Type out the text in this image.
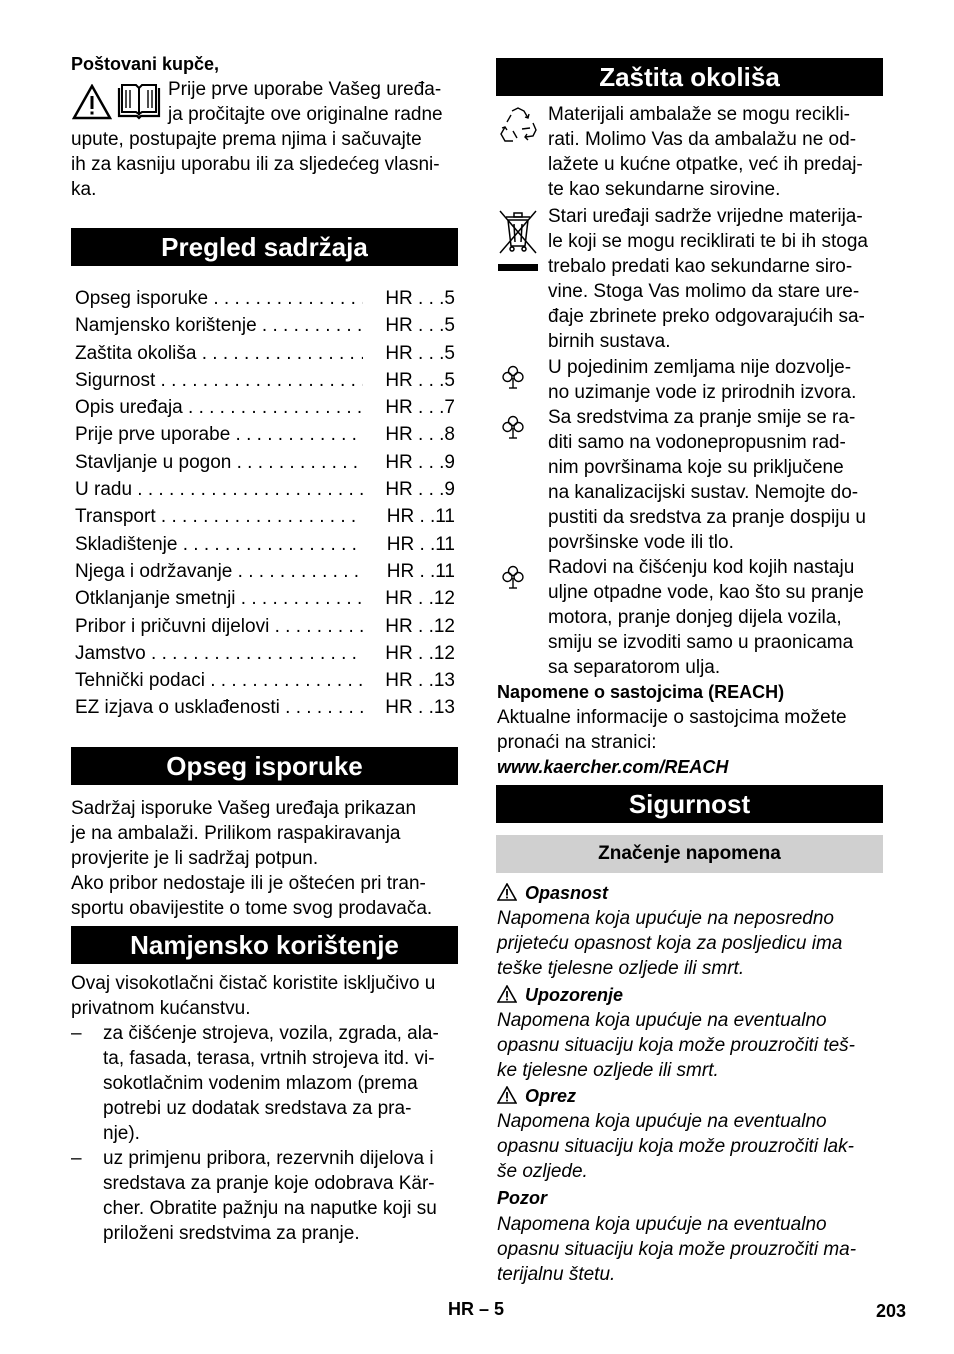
Poštovani kupče,
Prije prve uporabe Vašeg uređa-
ja pročitajte ove originalne radne
upute, postupajte prema njima i sačuvajte
ih za kasniju uporabu ili za sljedećeg vlasni-
ka.
Pregled sadržaja
Opseg isporuke . . .	HR . . .5
Namjensko korištenje . . .	HR . . .5
Zaštita okoliša . . .	HR . . .5
Sigurnost . . .	HR . . .5
Opis uređaja . . .	HR . . .7
Prije prve uporabe . . .	HR . . .8
Stavljanje u pogon . . .	HR . . .9
U radu . . .	HR . . .9
Transport . . .	HR . .11
Skladištenje . . .	HR . .11
Njega i održavanje . . .	HR . .11
Otklanjanje smetnji . . .	HR . .12
Pribor i pričuvni dijelovi . . .	HR . .12
Jamstvo . . .	HR . .12
Tehnički podaci . . .	HR . .13
EZ izjava o usklađenosti . . .	HR . .13
Opseg isporuke
Sadržaj isporuke Vašeg uređaja prikazan
je na ambalaži. Prilikom raspakiravanja
provjerite je li sadržaj potpun.
Ako pribor nedostaje ili je oštećen pri tran-
sportu obavijestite o tome svog prodavača.
Namjensko korištenje
Ovaj visokotlačni čistač koristite isključivo u
privatnom kućanstvu.
– za čišćenje strojeva, vozila, zgrada, ala-
ta, fasada, terasa, vrtnih strojeva itd. vi-
sokotlačnim vodenim mlazom (prema
potrebi uz dodatak sredstava za pra-
nje).
– uz primjenu pribora, rezervnih dijelova i
sredstava za pranje koje odobrava Kär-
cher. Obratite pažnju na naputke koji su
priloženi sredstvima za pranje.
Zaštita okoliša
Materijali ambalaže se mogu recikli-
rati. Molimo Vas da ambalažu ne od-
lažete u kućne otpatke, već ih predaj-
te kao sekundarne sirovine.
Stari uređaji sadrže vrijedne materija-
le koji se mogu reciklirati te bi ih stoga
trebalo predati kao sekundarne siro-
vine. Stoga Vas molimo da stare ure-
đaje zbrinete preko odgovarajućih sa-
birnih sustava.
U pojedinim zemljama nije dozvolje-
no uzimanje vode iz prirodnih izvora.
Sa sredstvima za pranje smije se ra-
diti samo na vodonepropusnim rad-
nim površinama koje su priključene
na kanalizacijski sustav. Nemojte do-
pustiti da sredstva za pranje dospiju u
površinske vode ili tlo.
Radovi na čišćenju kod kojih nastaju
uljne otpadne vode, kao što su pranje
motora, pranje donjeg dijela vozila,
smiju se izvoditi samo u praonicama
sa separatorom ulja.
Napomene o sastojcima (REACH)
Aktualne informacije o sastojcima možete
pronaći na stranici:
www.kaercher.com/REACH
Sigurnost
Značenje napomena
Opasnost
Napomena koja upućuje na neposredno
prijeteću opasnost koja za posljedicu ima
teške tjelesne ozljede ili smrt.
Upozorenje
Napomena koja upućuje na eventualno
opasnu situaciju koja može prouzročiti teš-
ke tjelesne ozljede ili smrt.
Oprez
Napomena koja upućuje na eventualno
opasnu situaciju koja može prouzročiti lak-
še ozljede.
Pozor
Napomena koja upućuje na eventualno
opasnu situaciju koja može prouzročiti ma-
terijalnu štetu.
HR – 5	203
